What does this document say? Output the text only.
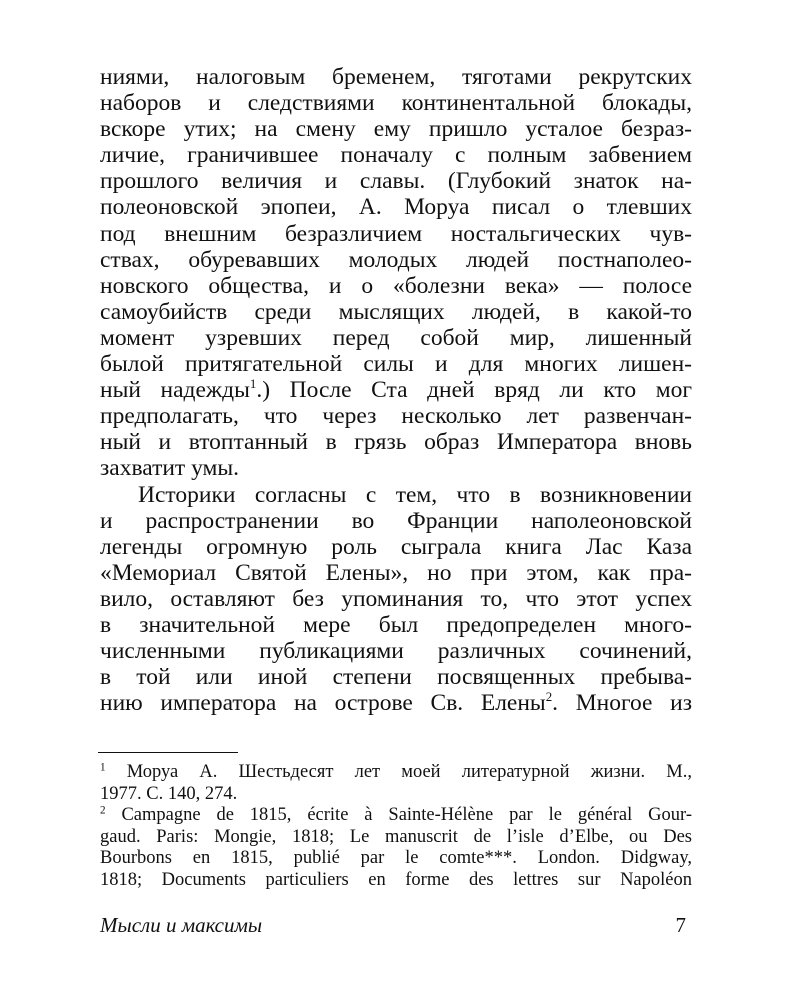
ниями, налоговым бременем, тяготами рекрутских
наборов и следствиями континентальной блокады,
вскоре утих; на смену ему пришло усталое безраз-
личие, граничившее поначалу с полным забвением
прошлого величия и славы. (Глубокий знаток на-
полеоновской эпопеи, А. Моруа писал о тлевших
под внешним безразличием ностальгических чув-
ствах, обуревавших молодых людей постнаполео-
новского общества, и о «болезни века» — полосе
самоубийств среди мыслящих людей, в какой-то
момент узревших перед собой мир, лишенный
былой притягательной силы и для многих лишен-
ный надежды$^1$.) После Ста дней вряд ли кто мог
предполагать, что через несколько лет развенчан-
ный и втоптанный в грязь образ Императора вновь
захватит умы.
Историки согласны с тем, что в возникновении
и распространении во Франции наполеоновской
легенды огромную роль сыграла книга Лас Каза
«Мемориал Святой Елены», но при этом, как пра-
вило, оставляют без упоминания то, что этот успех
в значительной мере был предопределен много-
численными публикациями различных сочинений,
в той или иной степени посвященных пребыва-
нию императора на острове Св. Елены$^2$. Многое из
$^1$ Моруа А. Шестьдесят лет моей литературной жизни. М.,
1977. С. 140, 274.
$^2$ Campagne de 1815, écrite à Sainte-Hélène par le général Gour-
gaud. Paris: Mongie, 1818; Le manuscrit de l’isle d’Elbe, ou Des
Bourbons en 1815, publié par le comte***. London. Didgway,
1818; Documents particuliers en forme des lettres sur Napoléon
Мысли и максимы	7
